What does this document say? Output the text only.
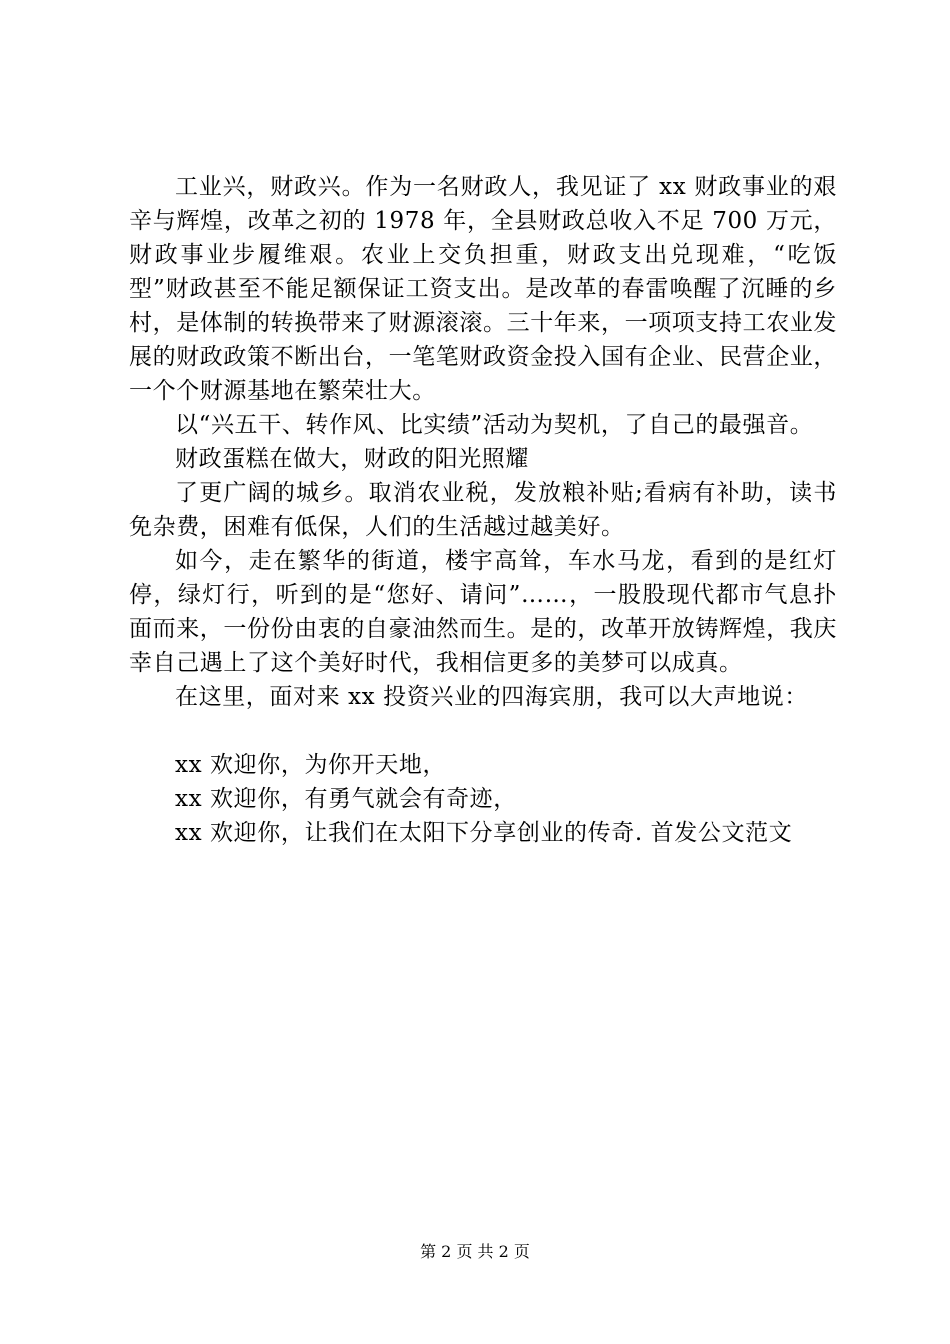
工业兴，财政兴。作为一名财政人，我见证了 xx 财政事业的艰辛与辉煌，改革之初的 1978 年，全县财政总收入不足 700 万元，财政事业步履维艰。农业上交负担重，财政支出兑现难，“吃饭型”财政甚至不能足额保证工资支出。是改革的春雷唤醒了沉睡的乡村，是体制的转换带来了财源滚滚。三十年来，一项项支持工农业发展的财政政策不断出台，一笔笔财政资金投入国有企业、民营企业，一个个财源基地在繁荣壮大。

以“兴五干、转作风、比实绩”活动为契机，了自己的最强音。

财政蛋糕在做大，财政的阳光照耀

了更广阔的城乡。取消农业税，发放粮补贴;看病有补助，读书免杂费，困难有低保，人们的生活越过越美好。

如今，走在繁华的街道，楼宇高耸，车水马龙，看到的是红灯停，绿灯行，听到的是“您好、请问”……，一股股现代都市气息扑面而来，一份份由衷的自豪油然而生。是的，改革开放铸辉煌，我庆幸自己遇上了这个美好时代，我相信更多的美梦可以成真。

在这里，面对来 xx 投资兴业的四海宾朋，我可以大声地说：

xx 欢迎你，为你开天地，

xx 欢迎你，有勇气就会有奇迹，

xx 欢迎你，让我们在太阳下分享创业的传奇. 首发公文范文

第 2 页 共 2 页
